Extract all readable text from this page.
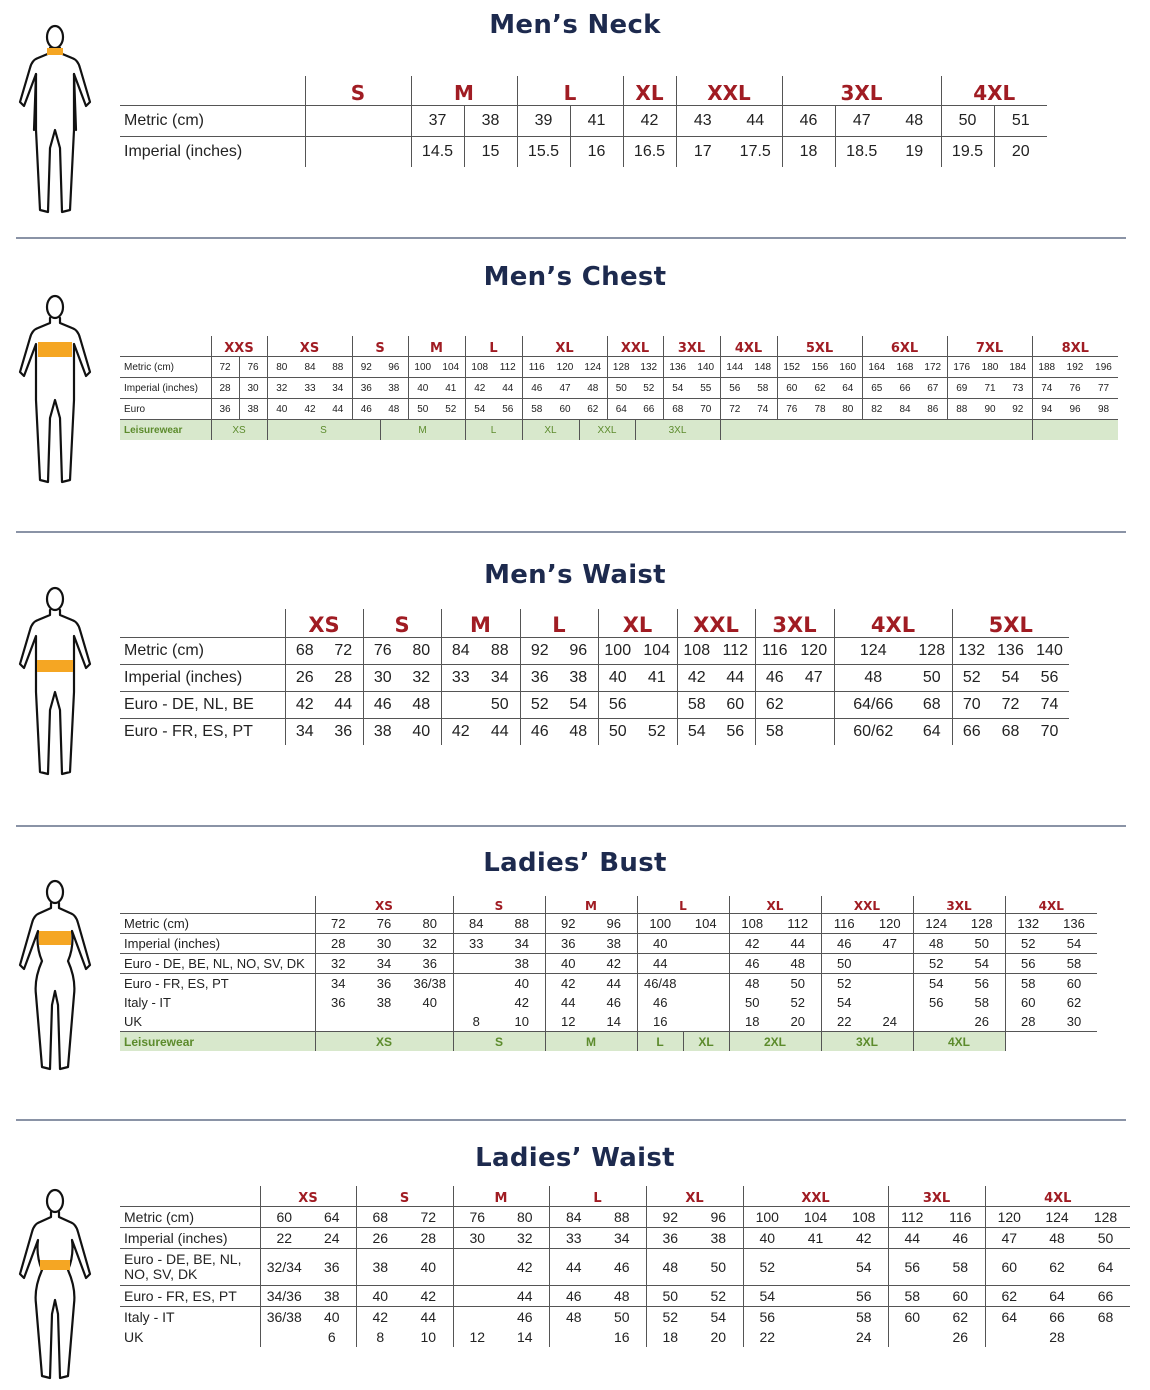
Men’s Neck
	S	M		L		XL	XXL		3XL			4XL	
Metric (cm)		37	38	39	41	42	43	44	46	47	48	50	51
Imperial (inches)		14.5	15	15.5	16	16.5	17	17.5	18	18.5	19	19.5	20
Men’s Chest
	XXS		XS			S		M		L		XL			XXL		3XL		4XL		5XL			6XL			7XL			8XL		
Metric (cm)	72	76	80	84	88	92	96	100	104	108	112	116	120	124	128	132	136	140	144	148	152	156	160	164	168	172	176	180	184	188	192	196
Imperial (inches)	28	30	32	33	34	36	38	40	41	42	44	46	47	48	50	52	54	55	56	58	60	62	64	65	66	67	69	71	73	74	76	77
Euro	36	38	40	42	44	46	48	50	52	54	56	58	60	62	64	66	68	70	72	74	76	78	80	82	84	86	88	90	92	94	96	98
Leisurewear	XS		S				M			L		XL		XXL		3XL																
Men’s Waist
	XS		S		M		L		XL		XXL		3XL		4XL		5XL		
Metric (cm)	68	72	76	80	84	88	92	96	100	104	108	112	116	120	124	128	132	136	140
Imperial (inches)	26	28	30	32	33	34	36	38	40	41	42	44	46	47	48	50	52	54	56
Euro - DE, NL, BE	42	44	46	48		50	52	54	56		58	60	62		64/66	68	70	72	74
Euro - FR, ES, PT	34	36	38	40	42	44	46	48	50	52	54	56	58		60/62	64	66	68	70
Ladies’ Bust
	XS			S		M		L		XL		XXL		3XL		4XL	
Metric (cm)	72	76	80	84	88	92	96	100	104	108	112	116	120	124	128	132	136
Imperial (inches)	28	30	32	33	34	36	38	40		42	44	46	47	48	50	52	54
Euro - DE, BE, NL, NO, SV, DK	32	34	36		38	40	42	44		46	48	50		52	54	56	58
Euro - FR, ES, PT	34	36	36/38		40	42	44	46/48		48	50	52		54	56	58	60
Italy - IT	36	38	40		42	44	46	46		50	52	54		56	58	60	62
UK				8	10	12	14	16		18	20	22	24		26	28	30
Leisurewear	XS			S		M		L	XL	2XL		3XL		4XL			
Ladies’ Waist
	XS		S		M		L		XL		XXL			3XL		4XL		
Metric (cm)	60	64	68	72	76	80	84	88	92	96	100	104	108	112	116	120	124	128
Imperial (inches)	22	24	26	28	30	32	33	34	36	38	40	41	42	44	46	47	48	50
Euro - DE, BE, NL, NO, SV, DK	32/34	36	38	40		42	44	46	48	50	52		54	56	58	60	62	64
Euro - FR, ES, PT	34/36	38	40	42		44	46	48	50	52	54		56	58	60	62	64	66
Italy - IT	36/38	40	42	44		46	48	50	52	54	56		58	60	62	64	66	68
UK		6	8	10	12	14		16	18	20	22		24		26		28	
